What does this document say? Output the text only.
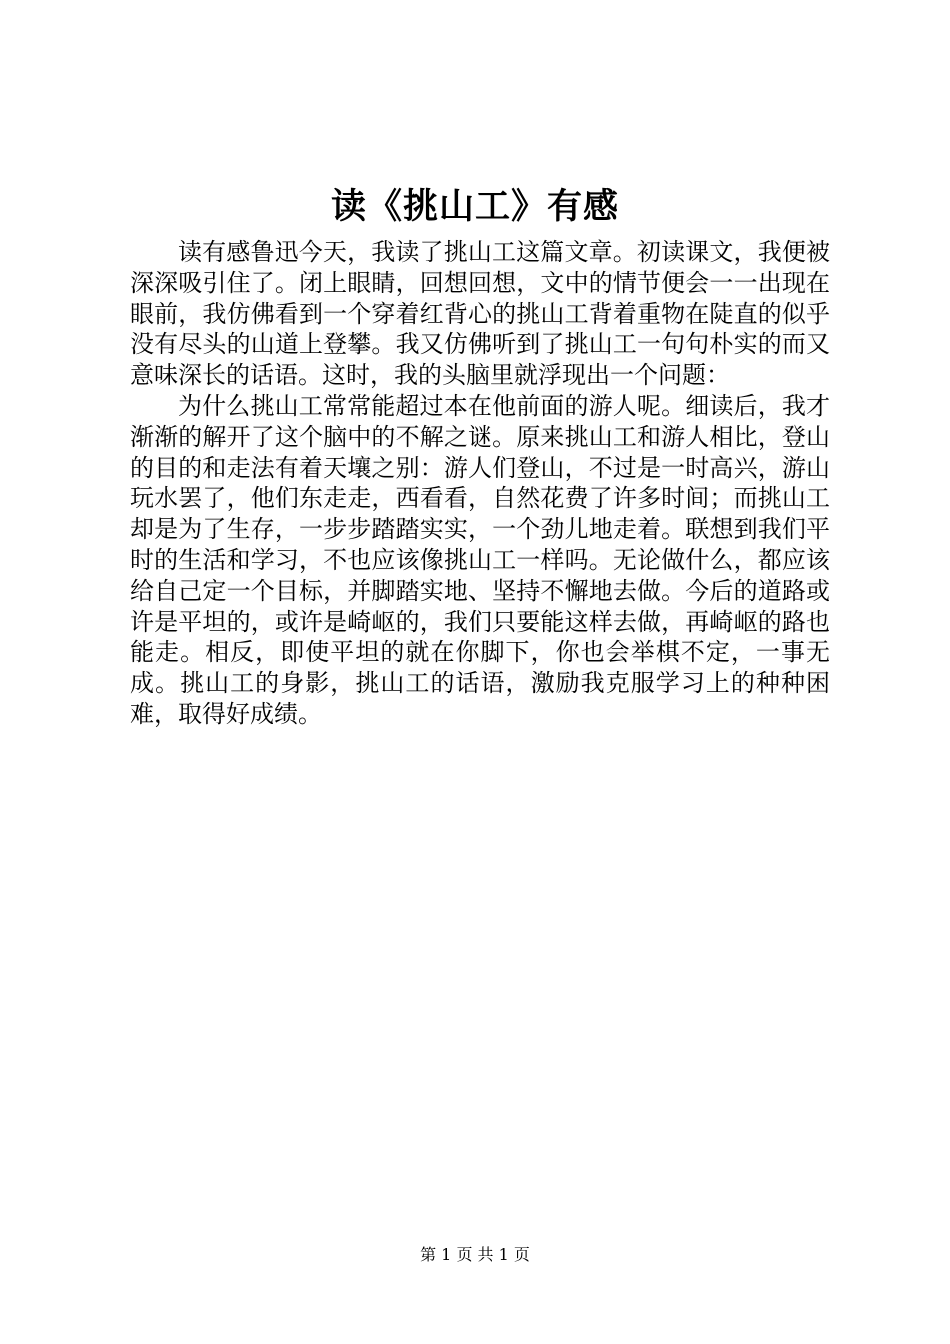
读《挑山工》有感

读有感鲁迅今天，我读了挑山工这篇文章。初读课文，我便被深深吸引住了。闭上眼睛，回想回想，文中的情节便会一一出现在眼前，我仿佛看到一个穿着红背心的挑山工背着重物在陡直的似乎没有尽头的山道上登攀。我又仿佛听到了挑山工一句句朴实的而又意味深长的话语。这时，我的头脑里就浮现出一个问题：

为什么挑山工常常能超过本在他前面的游人呢。细读后，我才渐渐的解开了这个脑中的不解之谜。原来挑山工和游人相比，登山的目的和走法有着天壤之别：游人们登山，不过是一时高兴，游山玩水罢了，他们东走走，西看看，自然花费了许多时间；而挑山工却是为了生存，一步步踏踏实实，一个劲儿地走着。联想到我们平时的生活和学习，不也应该像挑山工一样吗。无论做什么，都应该给自己定一个目标，并脚踏实地、坚持不懈地去做。今后的道路或许是平坦的，或许是崎岖的，我们只要能这样去做，再崎岖的路也能走。相反，即使平坦的就在你脚下，你也会举棋不定，一事无成。挑山工的身影，挑山工的话语，激励我克服学习上的种种困难，取得好成绩。

第 1 页 共 1 页
